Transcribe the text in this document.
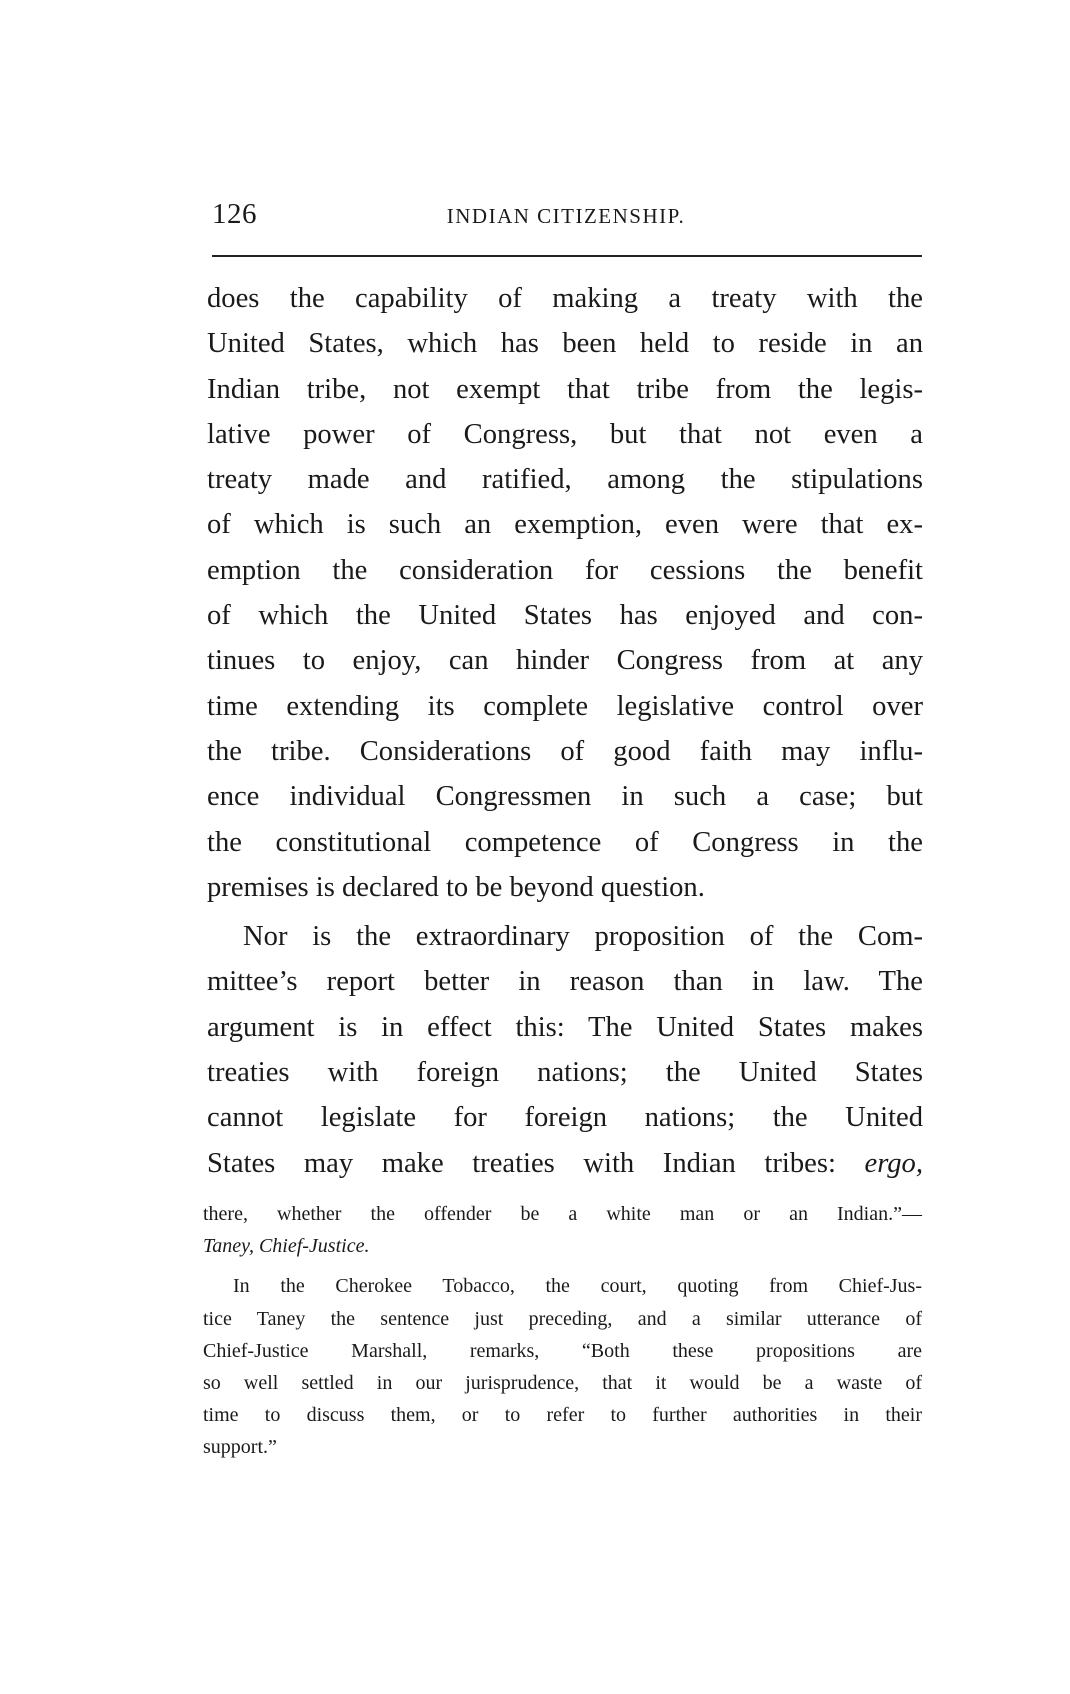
126	INDIAN CITIZENSHIP.
does the capability of making a treaty with the
United States, which has been held to reside in an
Indian tribe, not exempt that tribe from the legis-
lative power of Congress, but that not even a
treaty made and ratified, among the stipulations
of which is such an exemption, even were that ex-
emption the consideration for cessions the benefit
of which the United States has enjoyed and con-
tinues to enjoy, can hinder Congress from at any
time extending its complete legislative control over
the tribe. Considerations of good faith may influ-
ence individual Congressmen in such a case; but
the constitutional competence of Congress in the
premises is declared to be beyond question.
Nor is the extraordinary proposition of the Com-
mittee’s report better in reason than in law. The
argument is in effect this: The United States makes
treaties with foreign nations; the United States
cannot legislate for foreign nations; the United
States may make treaties with Indian tribes: ergo,
there, whether the offender be a white man or an Indian.”—
Taney, Chief-Justice.
In the Cherokee Tobacco, the court, quoting from Chief-Jus-
tice Taney the sentence just preceding, and a similar utterance of
Chief-Justice Marshall, remarks, “Both these propositions are
so well settled in our jurisprudence, that it would be a waste of
time to discuss them, or to refer to further authorities in their
support.”
